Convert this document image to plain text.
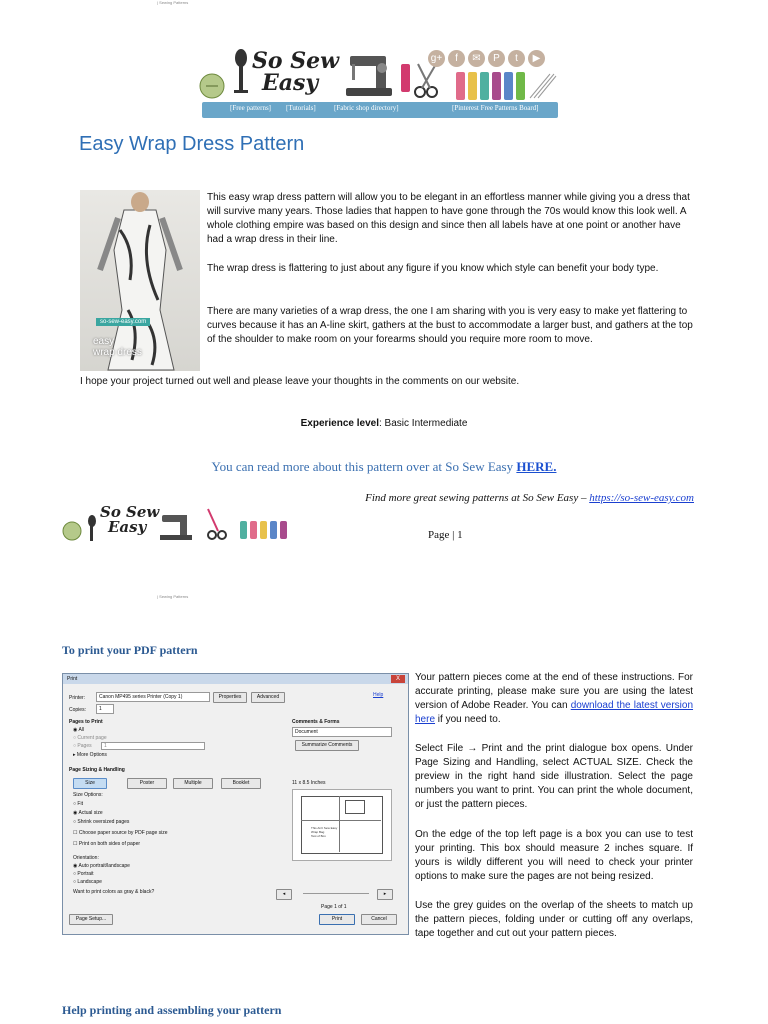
| Sewing Patterns
So Sew
Easy
g+	f	✉	P	t	▶
[Free patterns] [Tutorials]	[Fabric shop directory]	[Pinterest Free Patterns Board]
Easy Wrap Dress Pattern
so-sew-easy.com
easy
wrap dress
This easy wrap dress pattern will allow you to be elegant in an effortless manner while giving you a dress that will survive many years. Those ladies that happen to have gone through the 70s would know this look well. A whole clothing empire was based on this design and since then all labels have at one point or another have had a wrap dress in their line.
The wrap dress is flattering to just about any figure if you know which style can benefit your body type.
There are many varieties of a wrap dress, the one I am sharing with you is very easy to make yet flattering to curves because it has an A-line skirt, gathers at the bust to accommodate a larger bust, and gathers at the top of the shoulder to make room on your forearms should you require more room to move.
I hope your project turned out well and please leave your thoughts in the comments on our website.
Experience level: Basic Intermediate
You can read more about this pattern over at So Sew Easy HERE.
Find more great sewing patterns at So Sew Easy – https://so-sew-easy.com
So Sew
Easy	Page | 1
| Sewing Patterns
To print your PDF pattern
Print	X
Printer:	Canon MP495 series Printer (Copy 1)	Properties	Advanced	Help
Copies:	1
Pages to Print
◉ All
○ Current page
○ Pages	1
▸ More Options
Page Sizing & Handling
Size	Poster	Multiple	Booklet
Size Options:
○ Fit
◉ Actual size
○ Shrink oversized pages
☐ Choose paper source by PDF page size
☐ Print on both sides of paper
Orientation:
◉ Auto portrait/landscape
○ Portrait
○ Landscape
Want to print colors as gray & black?
Comments & Forms
Document
Summarize Comments
11 x 8.5 Inches
This Ain't Sew Easy
Wrap Bag
Test of Box
◂	▸
Page 1 of 1
Page Setup...	Print	Cancel
Your pattern pieces come at the end of these instructions. For accurate printing, please make sure you are using the latest version of Adobe Reader. You can download the latest version here if you need to.
Select File → Print and the print dialogue box opens. Under Page Sizing and Handling, select ACTUAL SIZE. Check the preview in the right hand side illustration. Select the page numbers you want to print. You can print the whole document, or just the pattern pieces.
On the edge of the top left page is a box you can use to test your printing. This box should measure 2 inches square. If yours is wildly different you will need to check your printer options to make sure the pages are not being resized.
Use the grey guides on the overlap of the sheets to match up the pattern pieces, folding under or cutting off any overlaps, tape together and cut out your pattern pieces.
Help printing and assembling your pattern
